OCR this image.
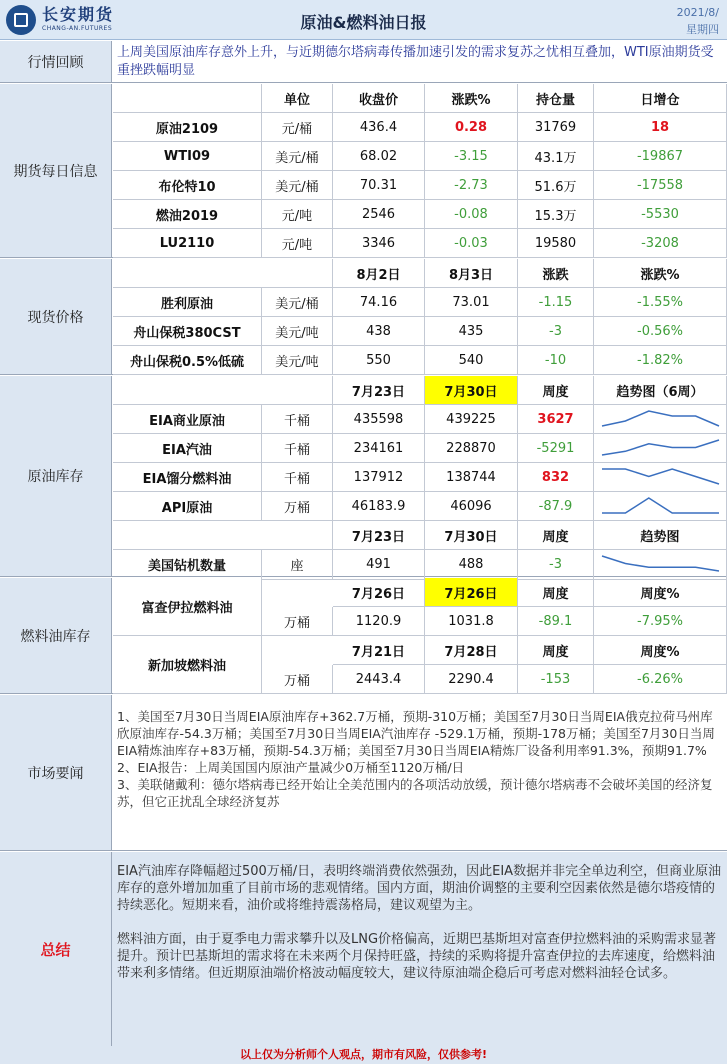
长安期货
CHANG-AN.FUTURES	原油&燃料油日报
2021/8/
星期四
行情回顾
上周美国原油库存意外上升，与近期德尔塔病毒传播加速引发的需求复苏之忧相互叠加，WTI原油期货受重挫跌幅明显
期货每日信息
单位	收盘价	涨跌%	持仓量	日增仓
原油2109	元/桶	436.4	0.28	31769	18
WTI09	美元/桶	68.02	-3.15	43.1万	-19867
布伦特10	美元/桶	70.31	-2.73	51.6万	-17558
燃油2019	元/吨	2546	-0.08	15.3万	-5530
LU2110	元/吨	3346	-0.03	19580	-3208
现货价格
8月2日	8月3日	涨跌	涨跌%
胜利原油	美元/桶	74.16	73.01	-1.15	-1.55%
舟山保税380CST	美元/吨	438	435	-3	-0.56%
舟山保税0.5%低硫	美元/吨	550	540	-10	-1.82%
原油库存
7月23日	7月30日	周度	趋势图（6周）
EIA商业原油	千桶	435598	439225	3627
EIA汽油	千桶	234161	228870	-5291
EIA馏分燃料油	千桶	137912	138744	832
API原油	万桶	46183.9	46096	-87.9
7月23日	7月30日	周度	趋势图
美国钻机数量	座	491	488	-3
燃料油库存
富查伊拉燃料油
7月26日	7月26日	周度	周度%
万桶	1120.9	1031.8	-89.1	-7.95%
新加坡燃料油
7月21日	7月28日	周度	周度%
万桶	2443.4	2290.4	-153	-6.26%
市场要闻
1、美国至7月30日当周EIA原油库存+362.7万桶，预期-310万桶；美国至7月30日当周EIA俄克拉荷马州库欣原油库存-54.3万桶；美国至7月30日当周EIA汽油库存 -529.1万桶，预期-178万桶；美国至7月30日当周EIA精炼油库存+83万桶，预期-54.3万桶；美国至7月30日当周EIA精炼厂设备利用率91.3%，预期91.7%
2、EIA报告：上周美国国内原油产量减少0万桶至1120万桶/日
3、美联储戴利：德尔塔病毒已经开始让全美范围内的各项活动放缓，预计德尔塔病毒不会破坏美国的经济复苏，但它正扰乱全球经济复苏
总结
EIA汽油库存降幅超过500万桶/日，表明终端消费依然强劲，因此EIA数据并非完全单边利空，但商业原油库存的意外增加加重了目前市场的悲观情绪。国内方面，期油价调整的主要利空因素依然是德尔塔疫情的持续恶化。短期来看，油价或将维持震荡格局，建议观望为主。
燃料油方面，由于夏季电力需求攀升以及LNG价格偏高，近期巴基斯坦对富查伊拉燃料油的采购需求显著提升。预计巴基斯坦的需求将在未来两个月保持旺盛，持续的采购将提升富查伊拉的去库速度，给燃料油带来利多情绪。但近期原油端价格波动幅度较大，建议待原油端企稳后可考虑对燃料油轻仓试多。
以上仅为分析师个人观点，期市有风险，仅供参考!
